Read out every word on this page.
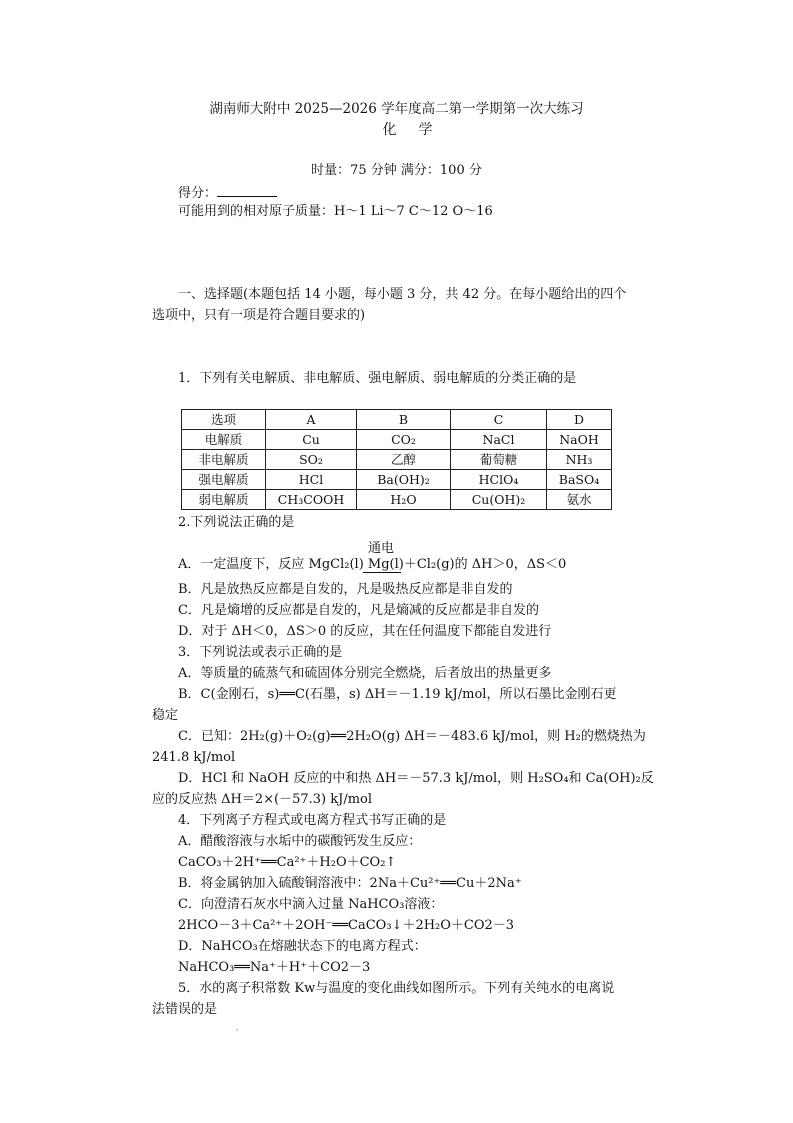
湖南师大附中 2025—2026 学年度高二第一学期第一次大练习
化学
时量：75 分钟 满分：100 分
得分：
可能用到的相对原子质量：H～1 Li～7 C～12 O～16
一、选择题(本题包括 14 小题，每小题 3 分，共 42 分。在每小题给出的四个
选项中，只有一项是符合题目要求的)
1．下列有关电解质、非电解质、强电解质、弱电解质的分类正确的是
选项	A	B	C	D
电解质	Cu	CO₂	NaCl	NaOH
非电解质	SO₂	乙醇	葡萄糖	NH₃
强电解质	HCl	Ba(OH)₂	HClO₄	BaSO₄
弱电解质	CH₃COOH	H₂O	Cu(OH)₂	氨水
2.下列说法正确的是
通电
A．一定温度下，反应 MgCl₂(l) Mg(l)＋Cl₂(g)的 ΔH＞0，ΔS＜0
B．凡是放热反应都是自发的，凡是吸热反应都是非自发的
C．凡是熵增的反应都是自发的，凡是熵减的反应都是非自发的
D．对于 ΔH＜0，ΔS＞0 的反应，其在任何温度下都能自发进行
3．下列说法或表示正确的是
A．等质量的硫蒸气和硫固体分别完全燃烧，后者放出的热量更多
B．C(金刚石，s)══C(石墨，s) ΔH＝－1.19 kJ/mol，所以石墨比金刚石更
稳定
C．已知：2H₂(g)＋O₂(g)══2H₂O(g) ΔH＝－483.6 kJ/mol，则 H₂的燃烧热为
241.8 kJ/mol
D．HCl 和 NaOH 反应的中和热 ΔH＝－57.3 kJ/mol，则 H₂SO₄和 Ca(OH)₂反
应的反应热 ΔH＝2×(－57.3) kJ/mol
4．下列离子方程式或电离方程式书写正确的是
A．醋酸溶液与水垢中的碳酸钙发生反应：
CaCO₃＋2H⁺══Ca²⁺＋H₂O＋CO₂↑
B．将金属钠加入硫酸铜溶液中：2Na＋Cu²⁺══Cu＋2Na⁺
C．向澄清石灰水中滴入过量 NaHCO₃溶液：
2HCO－3＋Ca²⁺＋2OH⁻══CaCO₃↓＋2H₂O＋CO2－3
D．NaHCO₃在熔融状态下的电离方程式：
NaHCO₃══Na⁺＋H⁺＋CO2－3
5．水的离子积常数 Kw与温度的变化曲线如图所示。下列有关纯水的电离说
法错误的是
